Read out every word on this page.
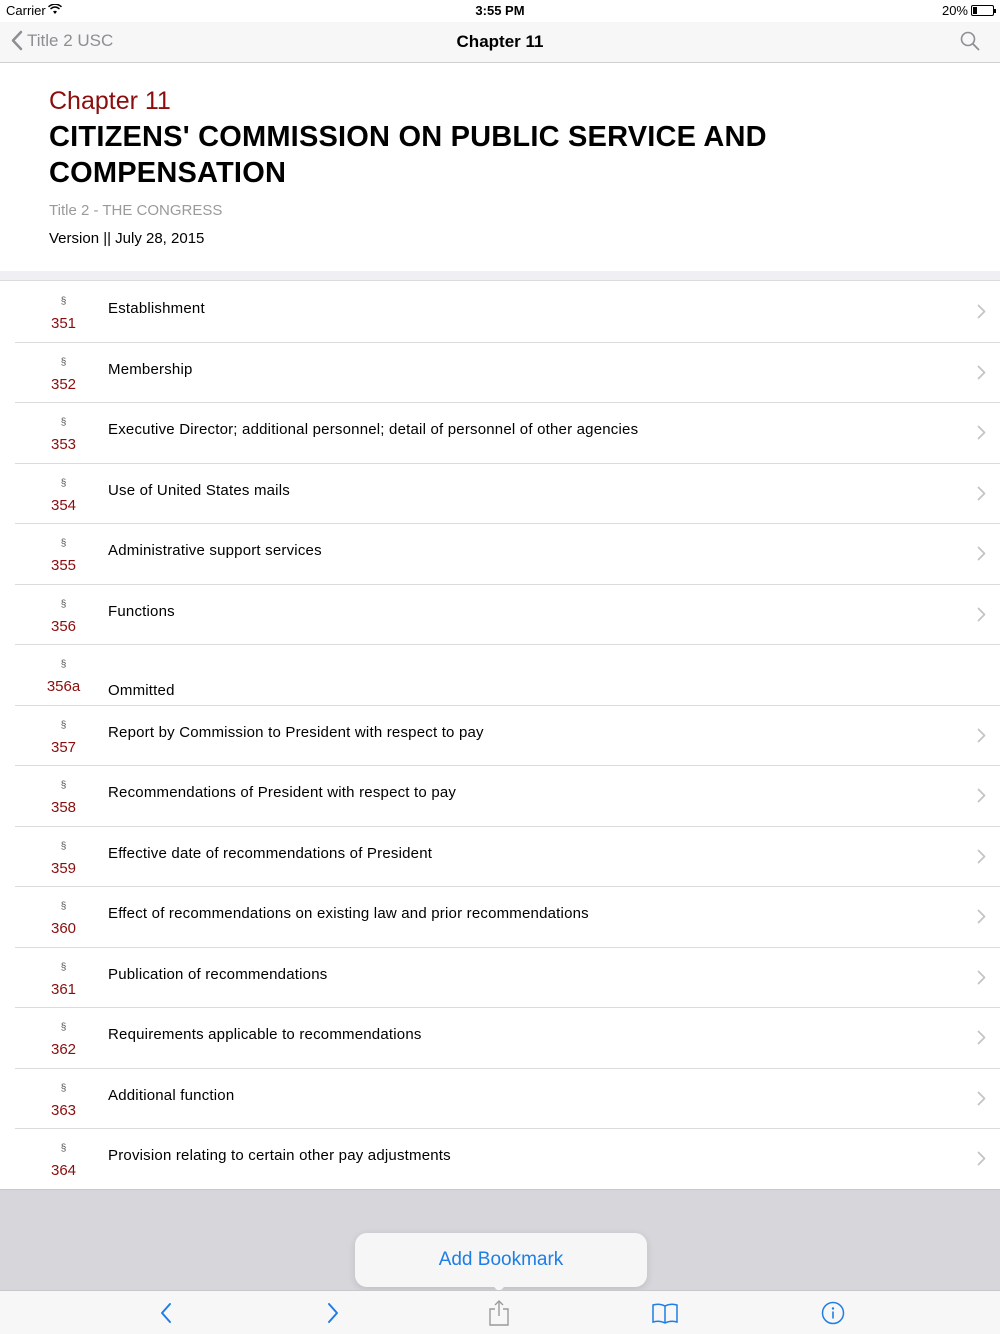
Carrier	3:55 PM	20%
Title 2 USC	Chapter 11
Chapter 11
CITIZENS' COMMISSION ON PUBLIC SERVICE AND COMPENSATION
Title 2 - THE CONGRESS
Version || July 28, 2015
§
351
Establishment
§
352
Membership
§
353
Executive Director; additional personnel; detail of personnel of other agencies
§
354
Use of United States mails
§
355
Administrative support services
§
356
Functions
§
356a	Ommitted
§
357
Report by Commission to President with respect to pay
§
358
Recommendations of President with respect to pay
§
359
Effective date of recommendations of President
§
360
Effect of recommendations on existing law and prior recommendations
§
361
Publication of recommendations
§
362
Requirements applicable to recommendations
§
363
Additional function
§
364
Provision relating to certain other pay adjustments
Add Bookmark
